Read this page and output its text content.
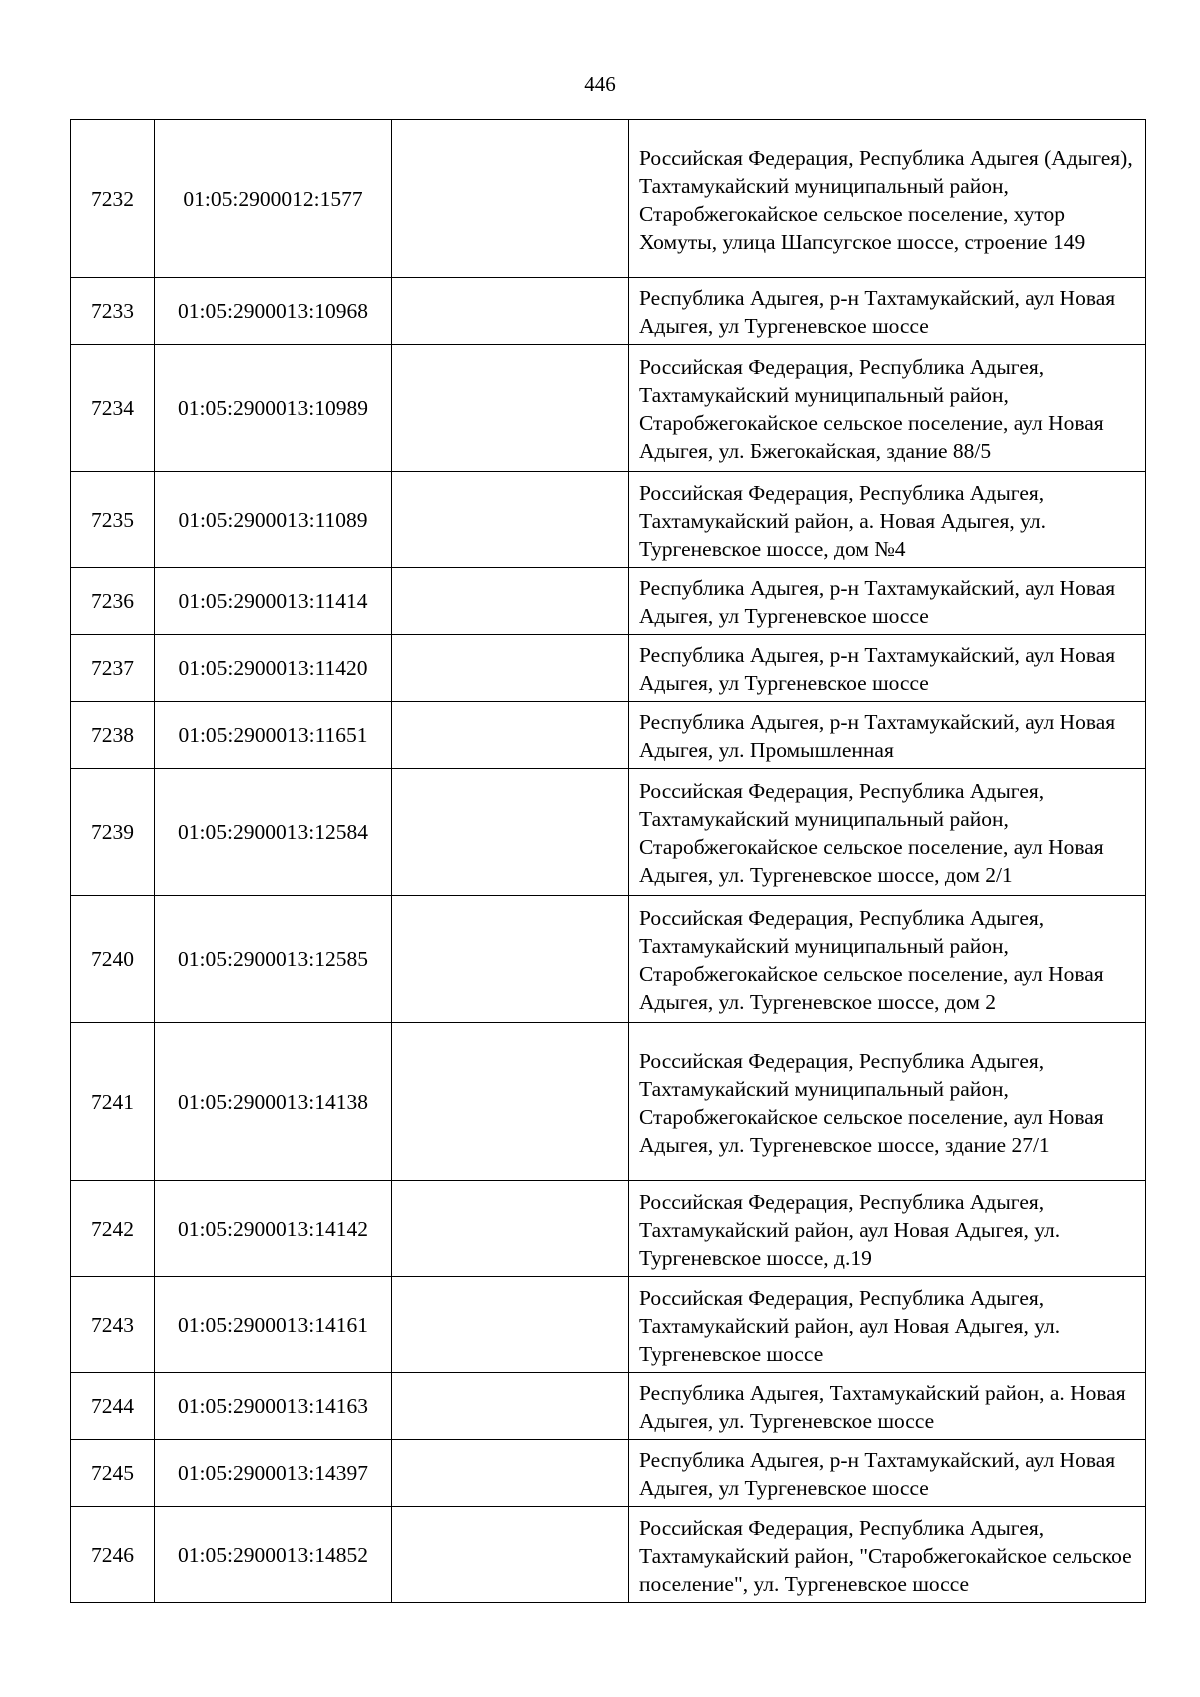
446
7232	01:05:2900012:1577		Российская Федерация, Республика Адыгея (Адыгея), Тахтамукайский муниципальный район, Старобжегокайское сельское поселение, хутор Хомуты, улица Шапсугское шоссе, строение 149
7233	01:05:2900013:10968		Республика Адыгея, р-н Тахтамукайский, аул Новая Адыгея, ул Тургеневское шоссе
7234	01:05:2900013:10989		Российская Федерация, Республика Адыгея, Тахтамукайский муниципальный район, Старобжегокайское сельское поселение, аул Новая Адыгея, ул. Бжегокайская, здание 88/5
7235	01:05:2900013:11089		Российская Федерация, Республика Адыгея, Тахтамукайский район, а. Новая Адыгея, ул. Тургеневское шоссе, дом №4
7236	01:05:2900013:11414		Республика Адыгея, р-н Тахтамукайский, аул Новая Адыгея, ул Тургеневское шоссе
7237	01:05:2900013:11420		Республика Адыгея, р-н Тахтамукайский, аул Новая Адыгея, ул Тургеневское шоссе
7238	01:05:2900013:11651		Республика Адыгея, р-н Тахтамукайский, аул Новая Адыгея, ул. Промышленная
7239	01:05:2900013:12584		Российская Федерация, Республика Адыгея, Тахтамукайский муниципальный район, Старобжегокайское сельское поселение, аул Новая Адыгея, ул. Тургеневское шоссе, дом 2/1
7240	01:05:2900013:12585		Российская Федерация, Республика Адыгея, Тахтамукайский муниципальный район, Старобжегокайское сельское поселение, аул Новая Адыгея, ул. Тургеневское шоссе, дом 2
7241	01:05:2900013:14138		Российская Федерация, Республика Адыгея, Тахтамукайский муниципальный район, Старобжегокайское сельское поселение, аул Новая Адыгея, ул. Тургеневское шоссе, здание 27/1
7242	01:05:2900013:14142		Российская Федерация, Республика Адыгея, Тахтамукайский район, аул Новая Адыгея, ул. Тургеневское шоссе, д.19
7243	01:05:2900013:14161		Российская Федерация, Республика Адыгея, Тахтамукайский район, аул Новая Адыгея, ул. Тургеневское шоссе
7244	01:05:2900013:14163		Республика Адыгея, Тахтамукайский район, а. Новая Адыгея, ул. Тургеневское шоссе
7245	01:05:2900013:14397		Республика Адыгея, р-н Тахтамукайский, аул Новая Адыгея, ул Тургеневское шоссе
7246	01:05:2900013:14852		Российская Федерация, Республика Адыгея, Тахтамукайский район, "Старобжегокайское сельское поселение", ул. Тургеневское шоссе
